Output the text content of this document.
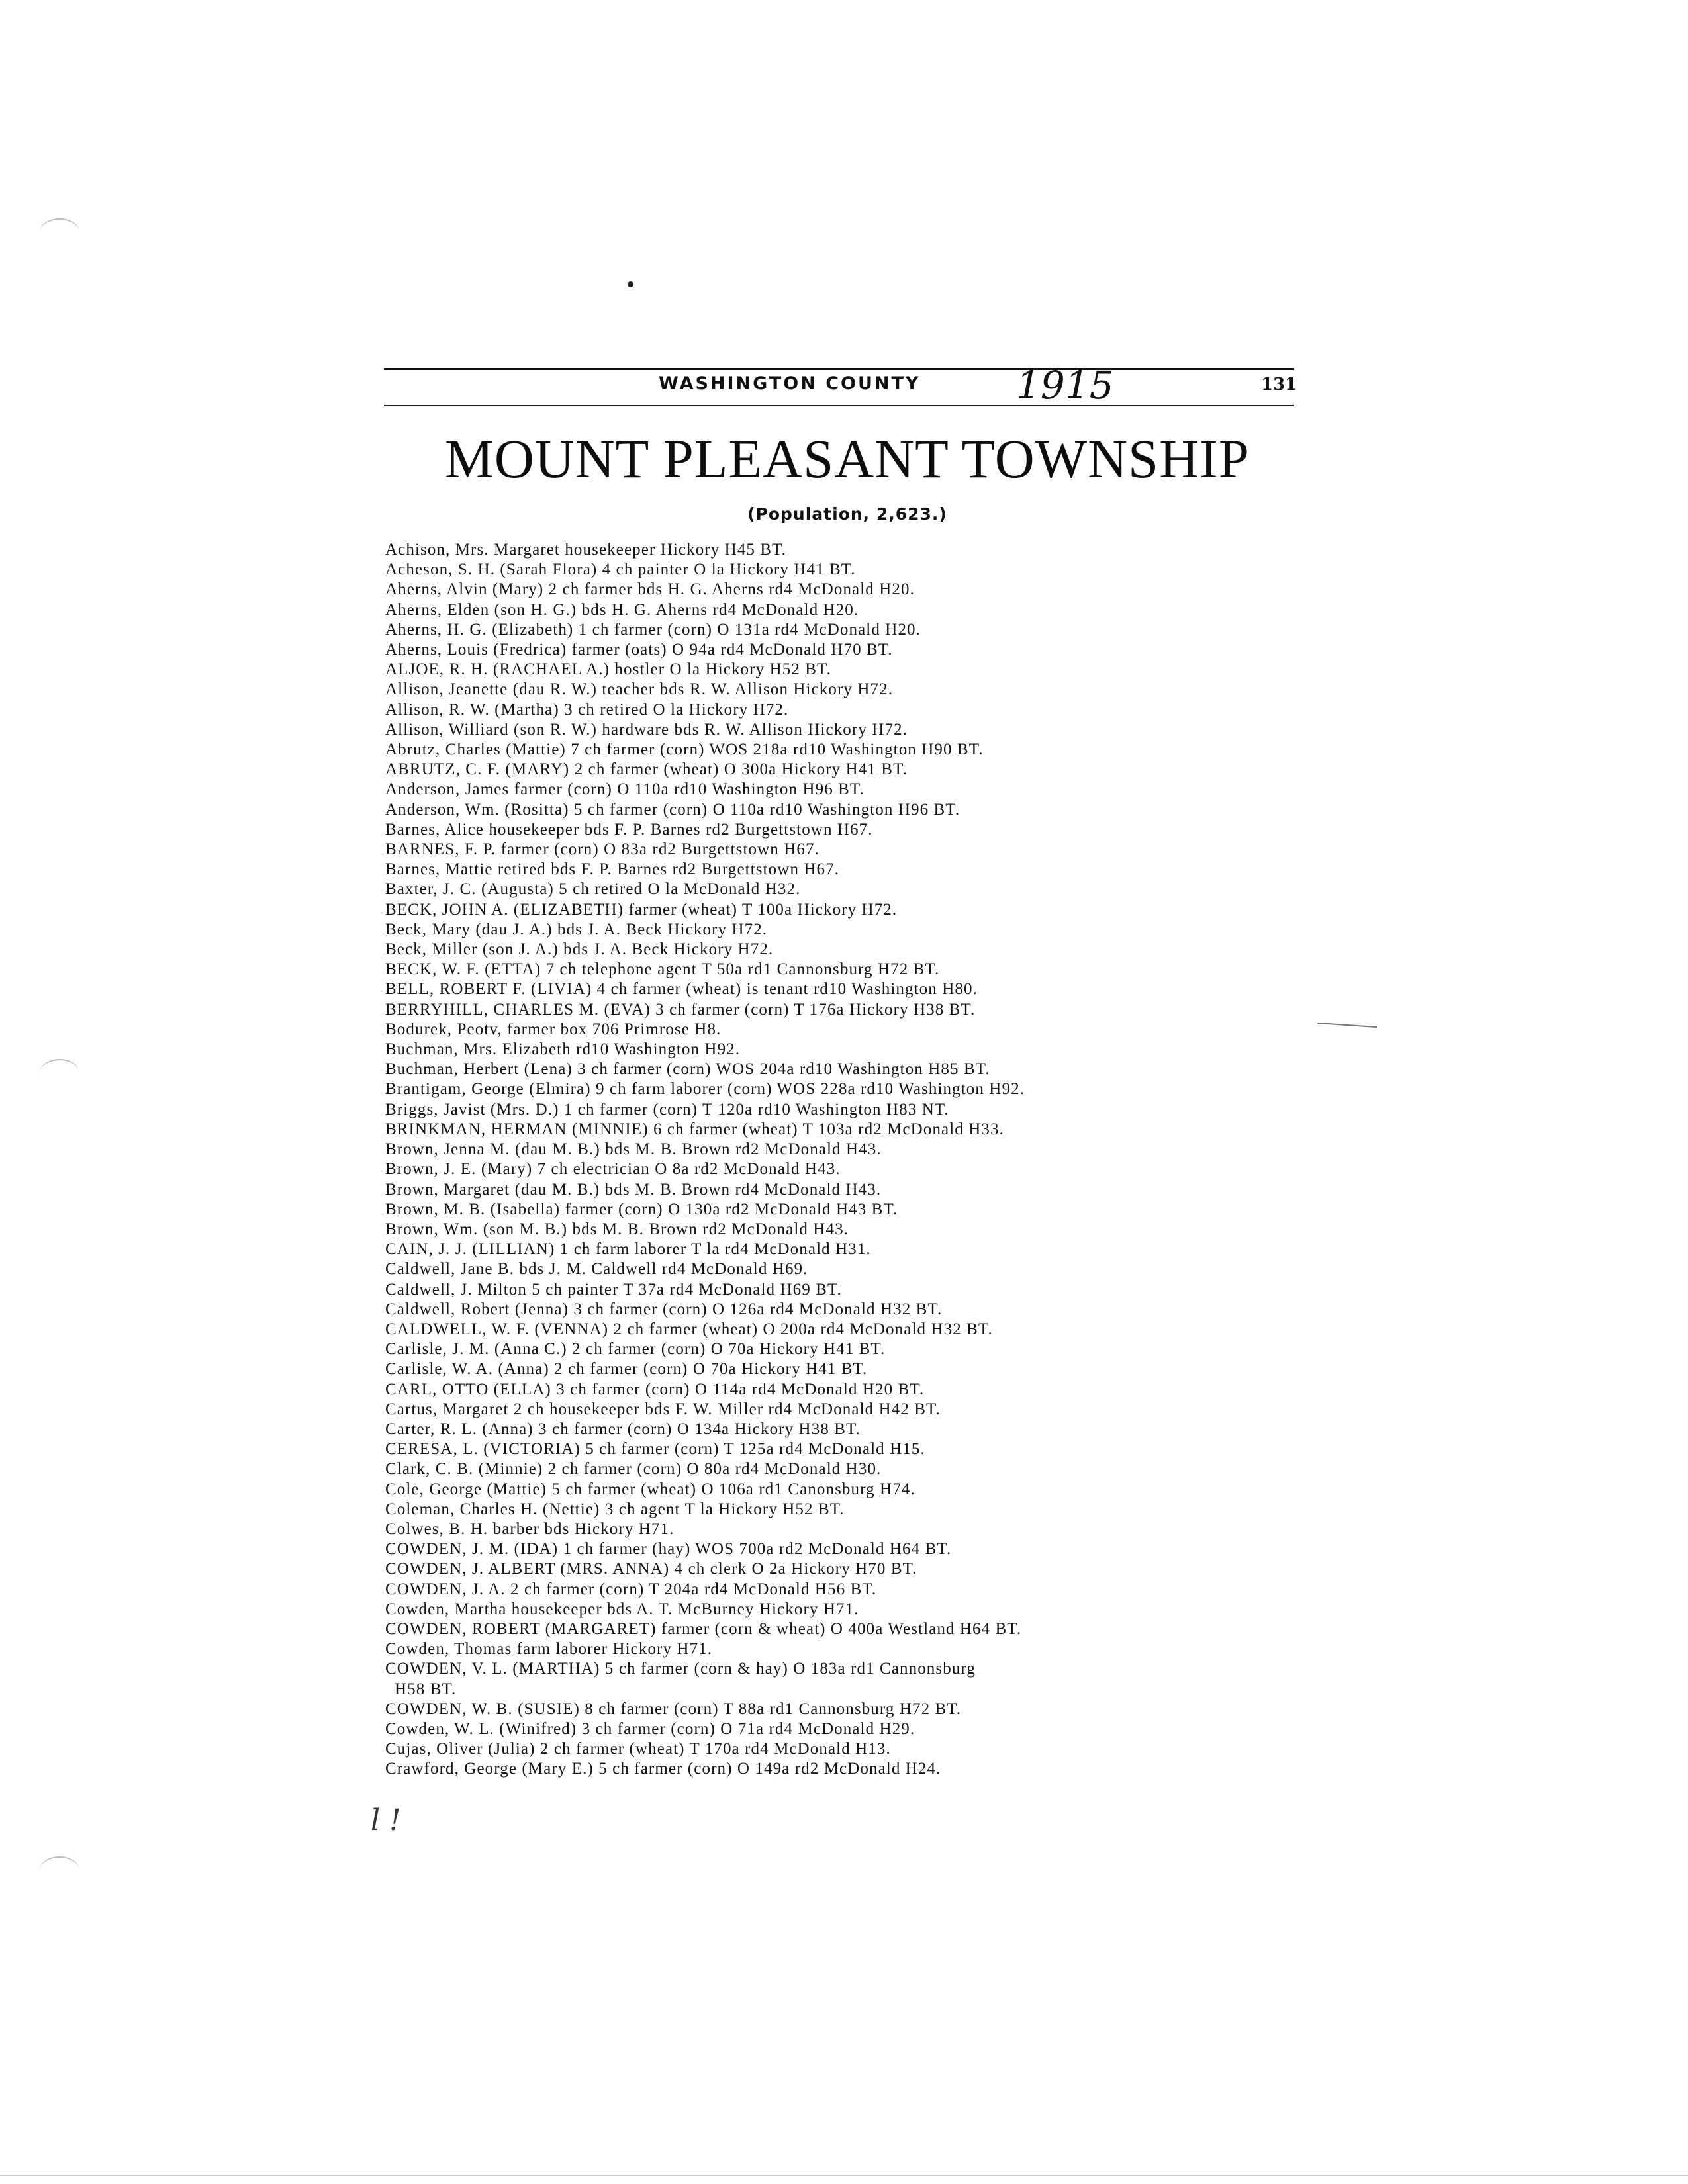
WASHINGTON COUNTY	1915	131
MOUNT PLEASANT TOWNSHIP
(Population, 2,623.)
Achison, Mrs. Margaret housekeeper Hickory H45 BT.
Acheson, S. H. (Sarah Flora) 4 ch painter O la Hickory H41 BT.
Aherns, Alvin (Mary) 2 ch farmer bds H. G. Aherns rd4 McDonald H20.
Aherns, Elden (son H. G.) bds H. G. Aherns rd4 McDonald H20.
Aherns, H. G. (Elizabeth) 1 ch farmer (corn) O 131a rd4 McDonald H20.
Aherns, Louis (Fredrica) farmer (oats) O 94a rd4 McDonald H70 BT.
ALJOE, R. H. (RACHAEL A.) hostler O la Hickory H52 BT.
Allison, Jeanette (dau R. W.) teacher bds R. W. Allison Hickory H72.
Allison, R. W. (Martha) 3 ch retired O la Hickory H72.
Allison, Williard (son R. W.) hardware bds R. W. Allison Hickory H72.
Abrutz, Charles (Mattie) 7 ch farmer (corn) WOS 218a rd10 Washington H90 BT.
ABRUTZ, C. F. (MARY) 2 ch farmer (wheat) O 300a Hickory H41 BT.
Anderson, James farmer (corn) O 110a rd10 Washington H96 BT.
Anderson, Wm. (Rositta) 5 ch farmer (corn) O 110a rd10 Washington H96 BT.
Barnes, Alice housekeeper bds F. P. Barnes rd2 Burgettstown H67.
BARNES, F. P. farmer (corn) O 83a rd2 Burgettstown H67.
Barnes, Mattie retired bds F. P. Barnes rd2 Burgettstown H67.
Baxter, J. C. (Augusta) 5 ch retired O la McDonald H32.
BECK, JOHN A. (ELIZABETH) farmer (wheat) T 100a Hickory H72.
Beck, Mary (dau J. A.) bds J. A. Beck Hickory H72.
Beck, Miller (son J. A.) bds J. A. Beck Hickory H72.
BECK, W. F. (ETTA) 7 ch telephone agent T 50a rd1 Cannonsburg H72 BT.
BELL, ROBERT F. (LIVIA) 4 ch farmer (wheat) is tenant rd10 Washington H80.
BERRYHILL, CHARLES M. (EVA) 3 ch farmer (corn) T 176a Hickory H38 BT.
Bodurek, Peotv, farmer box 706 Primrose H8.
Buchman, Mrs. Elizabeth rd10 Washington H92.
Buchman, Herbert (Lena) 3 ch farmer (corn) WOS 204a rd10 Washington H85 BT.
Brantigam, George (Elmira) 9 ch farm laborer (corn) WOS 228a rd10 Washington H92.
Briggs, Javist (Mrs. D.) 1 ch farmer (corn) T 120a rd10 Washington H83 NT.
BRINKMAN, HERMAN (MINNIE) 6 ch farmer (wheat) T 103a rd2 McDonald H33.
Brown, Jenna M. (dau M. B.) bds M. B. Brown rd2 McDonald H43.
Brown, J. E. (Mary) 7 ch electrician O 8a rd2 McDonald H43.
Brown, Margaret (dau M. B.) bds M. B. Brown rd4 McDonald H43.
Brown, M. B. (Isabella) farmer (corn) O 130a rd2 McDonald H43 BT.
Brown, Wm. (son M. B.) bds M. B. Brown rd2 McDonald H43.
CAIN, J. J. (LILLIAN) 1 ch farm laborer T la rd4 McDonald H31.
Caldwell, Jane B. bds J. M. Caldwell rd4 McDonald H69.
Caldwell, J. Milton 5 ch painter T 37a rd4 McDonald H69 BT.
Caldwell, Robert (Jenna) 3 ch farmer (corn) O 126a rd4 McDonald H32 BT.
CALDWELL, W. F. (VENNA) 2 ch farmer (wheat) O 200a rd4 McDonald H32 BT.
Carlisle, J. M. (Anna C.) 2 ch farmer (corn) O 70a Hickory H41 BT.
Carlisle, W. A. (Anna) 2 ch farmer (corn) O 70a Hickory H41 BT.
CARL, OTTO (ELLA) 3 ch farmer (corn) O 114a rd4 McDonald H20 BT.
Cartus, Margaret 2 ch housekeeper bds F. W. Miller rd4 McDonald H42 BT.
Carter, R. L. (Anna) 3 ch farmer (corn) O 134a Hickory H38 BT.
CERESA, L. (VICTORIA) 5 ch farmer (corn) T 125a rd4 McDonald H15.
Clark, C. B. (Minnie) 2 ch farmer (corn) O 80a rd4 McDonald H30.
Cole, George (Mattie) 5 ch farmer (wheat) O 106a rd1 Canonsburg H74.
Coleman, Charles H. (Nettie) 3 ch agent T la Hickory H52 BT.
Colwes, B. H. barber bds Hickory H71.
COWDEN, J. M. (IDA) 1 ch farmer (hay) WOS 700a rd2 McDonald H64 BT.
COWDEN, J. ALBERT (MRS. ANNA) 4 ch clerk O 2a Hickory H70 BT.
COWDEN, J. A. 2 ch farmer (corn) T 204a rd4 McDonald H56 BT.
Cowden, Martha housekeeper bds A. T. McBurney Hickory H71.
COWDEN, ROBERT (MARGARET) farmer (corn & wheat) O 400a Westland H64 BT.
Cowden, Thomas farm laborer Hickory H71.
COWDEN, V. L. (MARTHA) 5 ch farmer (corn & hay) O 183a rd1 Cannonsburg
H58 BT.
COWDEN, W. B. (SUSIE) 8 ch farmer (corn) T 88a rd1 Cannonsburg H72 BT.
Cowden, W. L. (Winifred) 3 ch farmer (corn) O 71a rd4 McDonald H29.
Cujas, Oliver (Julia) 2 ch farmer (wheat) T 170a rd4 McDonald H13.
Crawford, George (Mary E.) 5 ch farmer (corn) O 149a rd2 McDonald H24.
l !
